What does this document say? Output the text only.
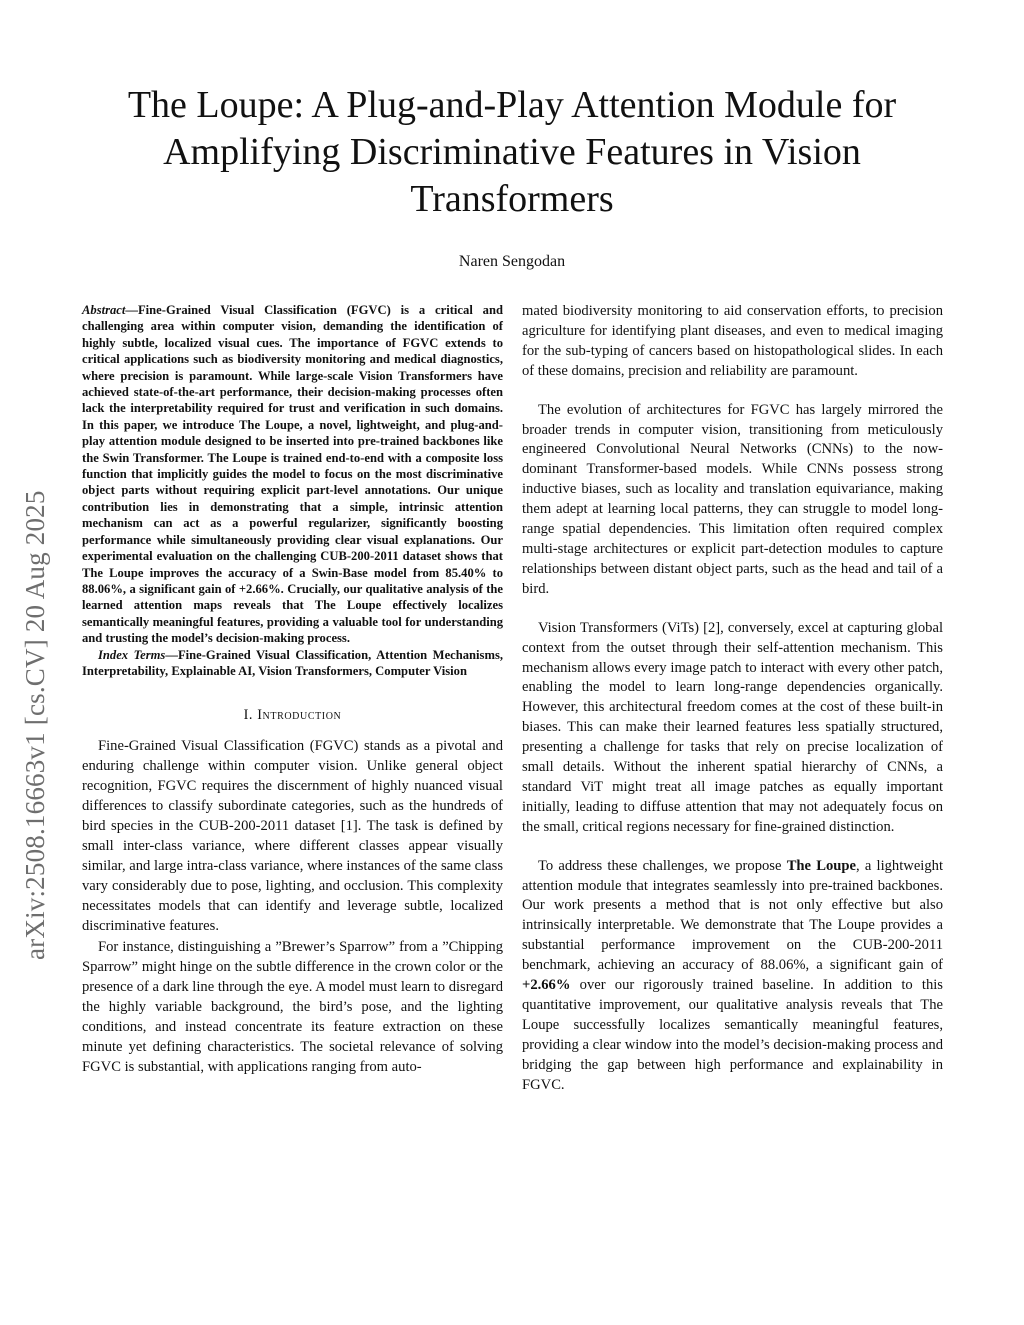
arXiv:2508.16663v1 [cs.CV] 20 Aug 2025
The Loupe: A Plug-and-Play Attention Module for
Amplifying Discriminative Features in Vision
Transformers
Naren Sengodan

Abstract—Fine-Grained Visual Classification (FGVC) is a critical and challenging area within computer vision, demanding the identification of highly subtle, localized visual cues. The importance of FGVC extends to critical applications such as biodiversity monitoring and medical diagnostics, where precision is paramount. While large-scale Vision Transformers have achieved state-of-the-art performance, their decision-making processes often lack the interpretability required for trust and verification in such domains. In this paper, we introduce The Loupe, a novel, lightweight, and plug-and-play attention module designed to be inserted into pre-trained backbones like the Swin Transformer. The Loupe is trained end-to-end with a composite loss function that implicitly guides the model to focus on the most discriminative object parts without requiring explicit part-level annotations. Our unique contribution lies in demonstrating that a simple, intrinsic attention mechanism can act as a powerful regularizer, significantly boosting performance while simultaneously providing clear visual explanations. Our experimental evaluation on the challenging CUB-200-2011 dataset shows that The Loupe improves the accuracy of a Swin-Base model from 85.40% to 88.06%, a significant gain of +2.66%. Crucially, our qualitative analysis of the learned attention maps reveals that The Loupe effectively localizes semantically meaningful features, providing a valuable tool for understanding and trusting the model’s decision-making process.

Index Terms—Fine-Grained Visual Classification, Attention Mechanisms, Interpretability, Explainable AI, Vision Transformers, Computer Vision

I. Introduction

Fine-Grained Visual Classification (FGVC) stands as a pivotal and enduring challenge within computer vision. Unlike general object recognition, FGVC requires the discernment of highly nuanced visual differences to classify subordinate categories, such as the hundreds of bird species in the CUB-200-2011 dataset [1]. The task is defined by small inter-class variance, where different classes appear visually similar, and large intra-class variance, where instances of the same class vary considerably due to pose, lighting, and occlusion. This complexity necessitates models that can identify and leverage subtle, localized discriminative features.

For instance, distinguishing a ”Brewer’s Sparrow” from a ”Chipping Sparrow” might hinge on the subtle difference in the crown color or the presence of a dark line through the eye. A model must learn to disregard the highly variable background, the bird’s pose, and the lighting conditions, and instead concentrate its feature extraction on these minute yet defining characteristics. The societal relevance of solving FGVC is substantial, with applications ranging from auto-

mated biodiversity monitoring to aid conservation efforts, to precision agriculture for identifying plant diseases, and even to medical imaging for the sub-typing of cancers based on histopathological slides. In each of these domains, precision and reliability are paramount.

The evolution of architectures for FGVC has largely mirrored the broader trends in computer vision, transitioning from meticulously engineered Convolutional Neural Networks (CNNs) to the now-dominant Transformer-based models. While CNNs possess strong inductive biases, such as locality and translation equivariance, making them adept at learning local patterns, they can struggle to model long-range spatial dependencies. This limitation often required complex multi-stage architectures or explicit part-detection modules to capture relationships between distant object parts, such as the head and tail of a bird.

Vision Transformers (ViTs) [2], conversely, excel at capturing global context from the outset through their self-attention mechanism. This mechanism allows every image patch to interact with every other patch, enabling the model to learn long-range dependencies organically. However, this architectural freedom comes at the cost of these built-in biases. This can make their learned features less spatially structured, presenting a challenge for tasks that rely on precise localization of small details. Without the inherent spatial hierarchy of CNNs, a standard ViT might treat all image patches as equally important initially, leading to diffuse attention that may not adequately focus on the small, critical regions necessary for fine-grained distinction.

To address these challenges, we propose The Loupe, a lightweight attention module that integrates seamlessly into pre-trained backbones. Our work presents a method that is not only effective but also intrinsically interpretable. We demonstrate that The Loupe provides a substantial performance improvement on the CUB-200-2011 benchmark, achieving an accuracy of 88.06%, a significant gain of +2.66% over our rigorously trained baseline. In addition to this quantitative improvement, our qualitative analysis reveals that The Loupe successfully localizes semantically meaningful features, providing a clear window into the model’s decision-making process and bridging the gap between high performance and explainability in FGVC.
